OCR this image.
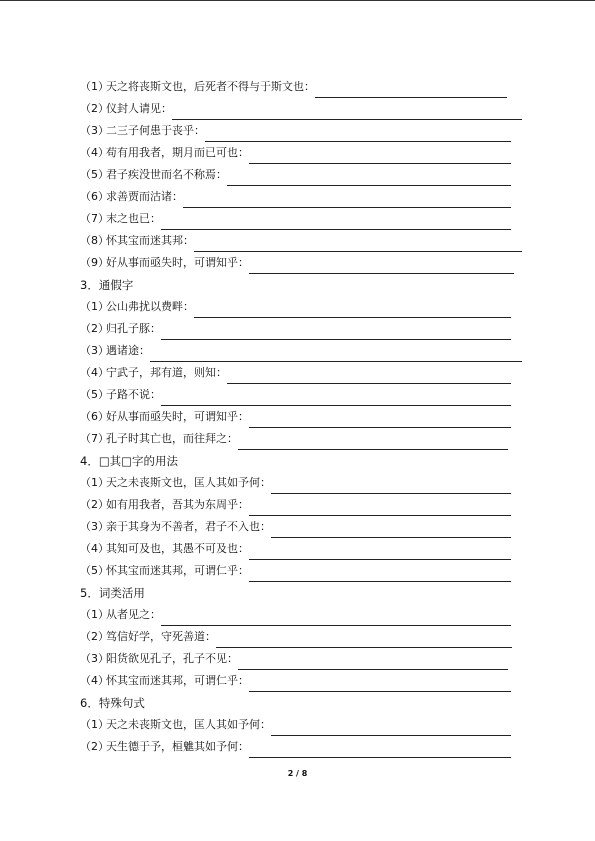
（1）
天之将丧斯文也，后死者不得与于斯文也：
（2）
仪封人请见：
（3）
二三子何患于丧乎：
（4）
苟有用我者，期月而已可也：
（5）
君子疾没世而名不称焉：
（6）
求善贾而沽诸：
（7）
末之也已：
（8）
怀其宝而迷其邦：
（9）
好从事而亟失时，可谓知乎：
3．通假字
（1）
公山弗扰以费畔：
（2）
归孔子豚：
（3）
遇诸途：
（4）
宁武子，邦有道，则知：
（5）
子路不说：
（6）
好从事而亟失时，可谓知乎：
（7）
孔子时其亡也，而往拜之：
4．□其□字的用法
（1）
天之未丧斯文也，匡人其如予何：
（2）
如有用我者，吾其为东周乎：
（3）
亲于其身为不善者，君子不入也：
（4）
其知可及也，其愚不可及也：
（5）
怀其宝而迷其邦，可谓仁乎：
5．词类活用
（1）
从者见之：
（2）
笃信好学，守死善道：
（3）
阳货欲见孔子，孔子不见：
（4）
怀其宝而迷其邦，可谓仁乎：
6．特殊句式
（1）
天之未丧斯文也，匡人其如予何：
（2）
天生德于予，桓魋其如予何：
2 / 8
